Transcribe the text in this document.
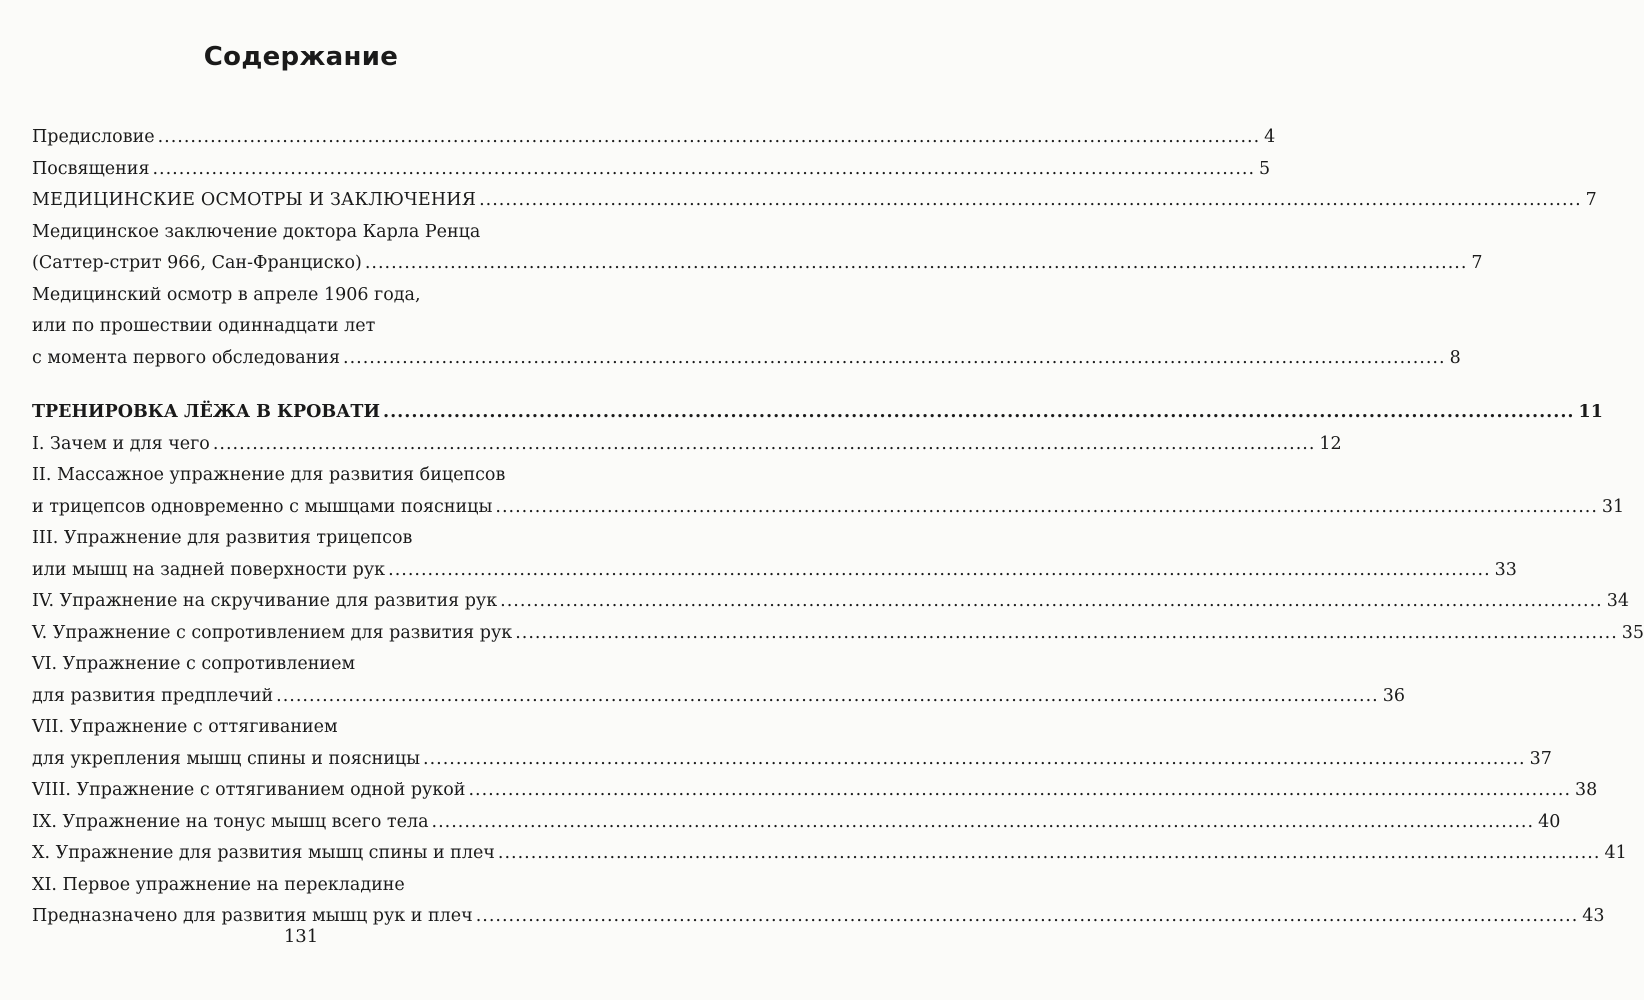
Содержание
Предисловие .....	4
Посвящения .....	5
МЕДИЦИНСКИЕ ОСМОТРЫ И ЗАКЛЮЧЕНИЯ .....	7
Медицинское заключение доктора Карла Ренца
(Саттер-стрит 966, Сан-Франциско) .....	7
Медицинский осмотр в апреле 1906 года,
или по прошествии одиннадцати лет
с момента первого обследования .....	8
ТРЕНИРОВКА ЛЁЖА В КРОВАТИ .....	11
I. Зачем и для чего .....	12
II. Массажное упражнение для развития бицепсов
и трицепсов одновременно с мышцами поясницы .....	31
III. Упражнение для развития трицепсов
или мышц на задней поверхности рук .....	33
IV. Упражнение на скручивание для развития рук .....	34
V. Упражнение с сопротивлением для развития рук .....	35
VI. Упражнение с сопротивлением
для развития предплечий .....	36
VII. Упражнение с оттягиванием
для укрепления мышц спины и поясницы .....	37
VIII. Упражнение с оттягиванием одной рукой .....	38
IX. Упражнение на тонус мышц всего тела .....	40
X. Упражнение для развития мышц спины и плеч .....	41
XI. Первое упражнение на перекладине
Предназначено для развития мышц рук и плеч .....	43
131
